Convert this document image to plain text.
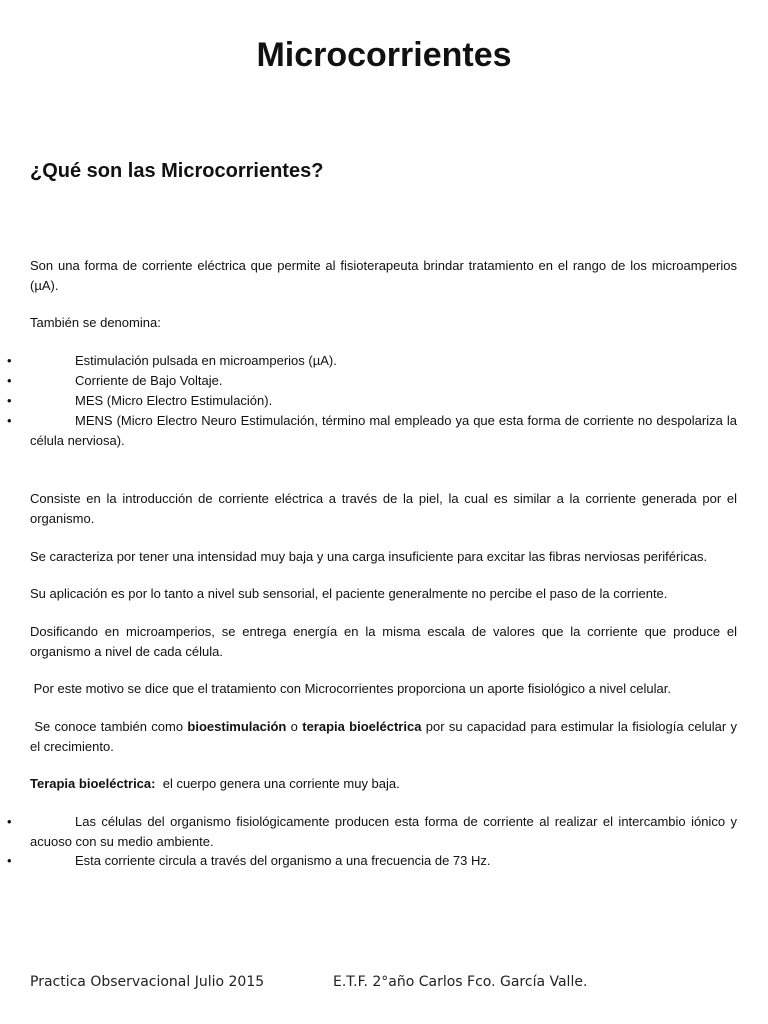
Microcorrientes
¿Qué son las Microcorrientes?

Son una forma de corriente eléctrica que permite al fisioterapeuta brindar tratamiento en el rango de los microamperios (µA).

También se denomina:

•	Estimulación pulsada en microamperios (µA).

•	Corriente de Bajo Voltaje.

•	MES (Micro Electro Estimulación).

•	MENS (Micro Electro Neuro Estimulación, término mal empleado ya que esta forma de corriente no despolariza la célula nerviosa).

Consiste en la introducción de corriente eléctrica a través de la piel, la cual es similar a la corriente generada por el organismo.

Se caracteriza por tener una intensidad muy baja y una carga insuficiente para excitar las fibras nerviosas periféricas.

Su aplicación es por lo tanto a nivel sub sensorial, el paciente generalmente no percibe el paso de la corriente.

Dosificando en microamperios, se entrega energía en la misma escala de valores que la corriente que produce el organismo a nivel de cada célula.

Por este motivo se dice que el tratamiento con Microcorrientes proporciona un aporte fisiológico a nivel celular.

Se conoce también como bioestimulación o terapia bioeléctrica por su capacidad para estimular la fisiología celular y el crecimiento.

Terapia bioeléctrica:  el cuerpo genera una corriente muy baja.

•	Las células del organismo fisiológicamente producen esta forma de corriente al realizar el intercambio iónico y acuoso con su medio ambiente.

•	Esta corriente circula a través del organismo a una frecuencia de 73 Hz.

Practica Observacional Julio 2015	E.T.F. 2°año Carlos Fco. García Valle.
